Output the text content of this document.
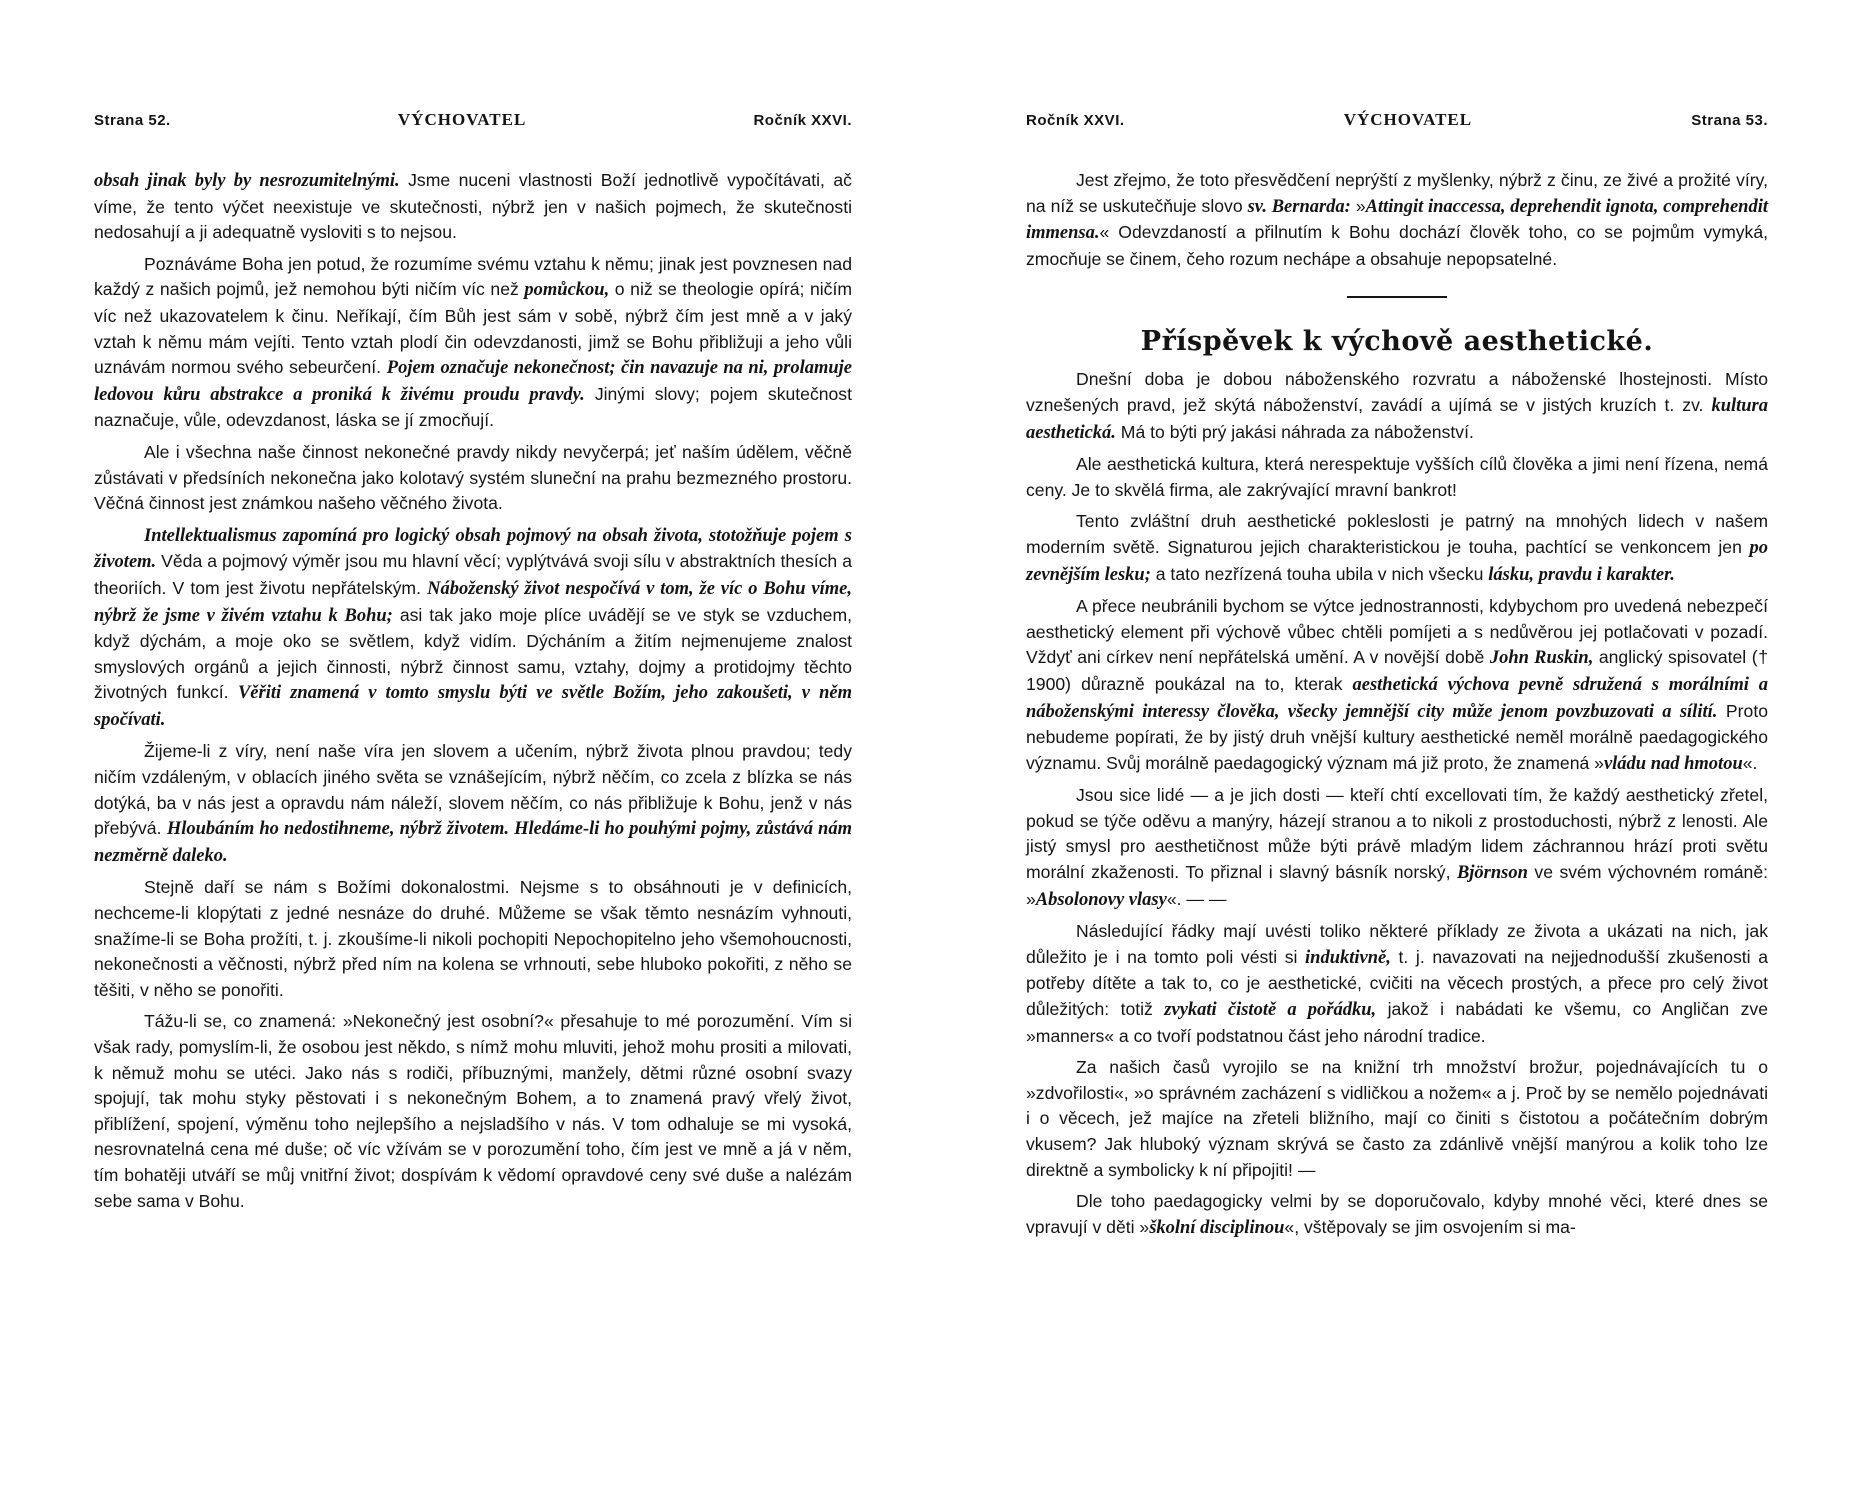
Strana 52.	VÝCHOVATEL	Ročník XXVI.

obsah jinak byly by nesrozumitelnými. Jsme nuceni vlastnosti Boží jednotlivě vypočítávati, ač víme, že tento výčet neexistuje ve skutečnosti, nýbrž jen v našich pojmech, že skutečnosti nedosahují a ji adequatně vysloviti s to nejsou.

Poznáváme Boha jen potud, že rozumíme svému vztahu k němu; jinak jest povznesen nad každý z našich pojmů, jež nemohou býti ničím víc než pomůckou, o niž se theologie opírá; ničím víc než ukazovatelem k činu. Neříkají, čím Bůh jest sám v sobě, nýbrž čím jest mně a v jaký vztah k němu mám vejíti. Tento vztah plodí čin odevzdanosti, jimž se Bohu přibližuji a jeho vůli uznávám normou svého sebeurčení. Pojem označuje nekonečnost; čin navazuje na ni, prolamuje ledovou kůru abstrakce a proniká k živému proudu pravdy. Jinými slovy; pojem skutečnost naznačuje, vůle, odevzdanost, láska se jí zmocňují.

Ale i všechna naše činnost nekonečné pravdy nikdy nevyčerpá; jeť naším údělem, věčně zůstávati v předsíních nekonečna jako kolotavý systém sluneční na prahu bezmezného prostoru. Věčná činnost jest známkou našeho věčného života.

Intellektualismus zapomíná pro logický obsah pojmový na obsah života, stotožňuje pojem s životem. Věda a pojmový výměr jsou mu hlavní věcí; vyplýtvává svoji sílu v abstraktních thesích a theoriích. V tom jest životu nepřátelským. Náboženský život nespočívá v tom, že víc o Bohu víme, nýbrž že jsme v živém vztahu k Bohu; asi tak jako moje plíce uvádějí se ve styk se vzduchem, když dýchám, a moje oko se světlem, když vidím. Dýcháním a žitím nejmenujeme znalost smyslových orgánů a jejich činnosti, nýbrž činnost samu, vztahy, dojmy a protidojmy těchto životných funkcí. Věřiti znamená v tomto smyslu býti ve světle Božím, jeho zakoušeti, v něm spočívati.

Žijeme-li z víry, není naše víra jen slovem a učením, nýbrž života plnou pravdou; tedy ničím vzdáleným, v oblacích jiného světa se vznášejícím, nýbrž něčím, co zcela z blízka se nás dotýká, ba v nás jest a opravdu nám náleží, slovem něčím, co nás přibližuje k Bohu, jenž v nás přebývá. Hloubáním ho nedostihneme, nýbrž životem. Hledáme-li ho pouhými pojmy, zůstává nám nezměrně daleko.

Stejně daří se nám s Božími dokonalostmi. Nejsme s to obsáhnouti je v definicích, nechceme-li klopýtati z jedné nesnáze do druhé. Můžeme se však těmto nesnázím vyhnouti, snažíme-li se Boha prožíti, t. j. zkoušíme-li nikoli pochopiti Nepochopitelno jeho všemohoucnosti, nekonečnosti a věčnosti, nýbrž před ním na kolena se vrhnouti, sebe hluboko pokořiti, z něho se těšiti, v něho se ponořiti.

Tážu-li se, co znamená: »Nekonečný jest osobní?« přesahuje to mé porozumění. Vím si však rady, pomyslím-li, že osobou jest někdo, s nímž mohu mluviti, jehož mohu prositi a milovati, k němuž mohu se utéci. Jako nás s rodiči, příbuznými, manžely, dětmi různé osobní svazy spojují, tak mohu styky pěstovati i s nekonečným Bohem, a to znamená pravý vřelý život, přiblížení, spojení, výměnu toho nejlepšího a nejsladšího v nás. V tom odhaluje se mi vysoká, nesrovnatelná cena mé duše; oč víc vžívám se v porozumění toho, čím jest ve mně a já v něm, tím bohatěji utváří se můj vnitřní život; dospívám k vědomí opravdové ceny své duše a nalézám sebe sama v Bohu.

Ročník XXVI.	VÝCHOVATEL	Strana 53.

Jest zřejmo, že toto přesvědčení neprýští z myšlenky, nýbrž z činu, ze živé a prožité víry, na níž se uskutečňuje slovo sv. Bernarda: »Attingit inaccessa, deprehendit ignota, comprehendit immensa.« Odevzdaností a přilnutím k Bohu dochází člověk toho, co se pojmům vymyká, zmocňuje se činem, čeho rozum nechápe a obsahuje nepopsatelné.

Příspěvek k výchově aesthetické.

Dnešní doba je dobou náboženského rozvratu a náboženské lhostejnosti. Místo vznešených pravd, jež skýtá náboženství, zavádí a ujímá se v jistých kruzích t. zv. kultura aesthetická. Má to býti prý jakási náhrada za náboženství.

Ale aesthetická kultura, která nerespektuje vyšších cílů člověka a jimi není řízena, nemá ceny. Je to skvělá firma, ale zakrývající mravní bankrot!

Tento zvláštní druh aesthetické pokleslosti je patrný na mnohých lidech v našem moderním světě. Signaturou jejich charakteristickou je touha, pachtící se venkoncem jen po zevnějším lesku; a tato nezřízená touha ubila v nich všecku lásku, pravdu i karakter.

A přece neubránili bychom se výtce jednostrannosti, kdybychom pro uvedená nebezpečí aesthetický element při výchově vůbec chtěli pomíjeti a s nedůvěrou jej potlačovati v pozadí. Vždyť ani církev není nepřátelská umění. A v novější době John Ruskin, anglický spisovatel († 1900) důrazně poukázal na to, kterak aesthetická výchova pevně sdružená s morálními a náboženskými interessy člověka, všecky jemnější city může jenom povzbuzovati a sílití. Proto nebudeme popírati, že by jistý druh vnější kultury aesthetické neměl morálně paedagogického významu. Svůj morálně paedagogický význam má již proto, že znamená »vládu nad hmotou«.

Jsou sice lidé — a je jich dosti — kteří chtí excellovati tím, že každý aesthetický zřetel, pokud se týče oděvu a manýry, házejí stranou a to nikoli z prostoduchosti, nýbrž z lenosti. Ale jistý smysl pro aesthetičnost může býti právě mladým lidem záchrannou hrází proti světu morální zkaženosti. To přiznal i slavný básník norský, Björnson ve svém výchovném románě: »Absolonovy vlasy«. — —

Následující řádky mají uvésti toliko některé příklady ze života a ukázati na nich, jak důležito je i na tomto poli vésti si induktivně, t. j. navazovati na nejjednodušší zkušenosti a potřeby dítěte a tak to, co je aesthetické, cvičiti na věcech prostých, a přece pro celý život důležitých: totiž zvykati čistotě a pořádku, jakož i nabádati ke všemu, co Angličan zve »manners« a co tvoří podstatnou část jeho národní tradice.

Za našich časů vyrojilo se na knižní trh množství brožur, pojednávajících tu o »zdvořilosti«, »o správném zacházení s vidličkou a nožem« a j. Proč by se nemělo pojednávati i o věcech, jež majíce na zřeteli bližního, mají co činiti s čistotou a počátečním dobrým vkusem? Jak hluboký význam skrývá se často za zdánlivě vnější manýrou a kolik toho lze direktně a symbolicky k ní připojiti! —

Dle toho paedagogicky velmi by se doporučovalo, kdyby mnohé věci, které dnes se vpravují v děti »školní disciplinou«, vštěpovaly se jim osvojením si ma-
